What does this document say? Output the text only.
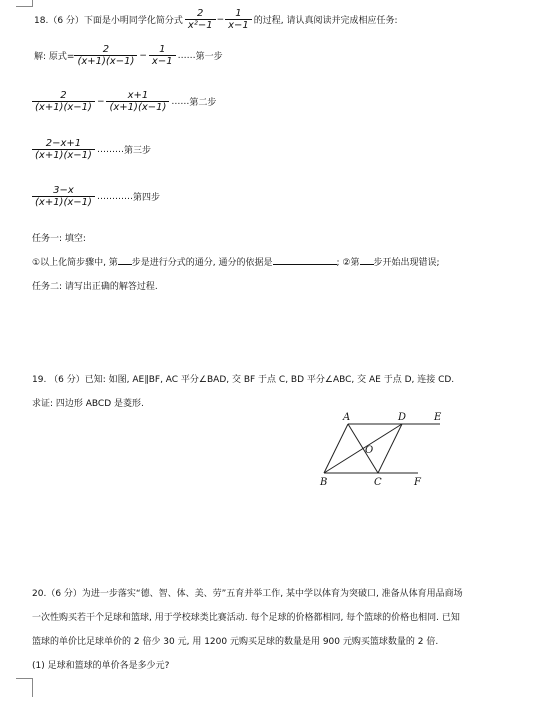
18.（6 分）下面是小明同学化简分式 $\frac{2}{\text{x²−1}} - \frac{1}{x-1}$ 的过程, 请认真阅读并完成相应任务:
解: 原式= $\frac{2}{(x+1)(x-1)} - \frac{1}{x-1}$ …… 第一步
$\frac{2}{(x+1)(x-1)} - \frac{x+1}{(x+1)(x-1)}$ …… 第二步
$\frac{2-x+1}{(x+1)(x-1)}$ ……… 第三步
$\frac{3-x}{(x+1)(x-1)}$ ………… 第四步
任务一: 填空:
①以上化简步骤中, 第 步是进行分式的通分, 通分的依据是	; ②第 步开始出现错误;
任务二: 请写出正确的解答过程.
19. （6 分）已知: 如图, AE∥BF, AC 平分∠BAD, 交 BF 于点 C, BD 平分∠ABC, 交 AE 于点 D, 连接 CD.
求证: 四边形 ABCD 是菱形.
A	D	E
O
B	C	F
20.（6 分）为进一步落实“德、智、体、美、劳”五育并举工作, 某中学以体育为突破口, 准备从体育用品商场
一次性购买若干个足球和篮球, 用于学校球类比赛活动. 每个足球的价格都相同, 每个篮球的价格也相同. 已知
篮球的单价比足球单价的 2 倍少 30 元, 用 1200 元购买足球的数量是用 900 元购买篮球数量的 2 倍.
(1) 足球和篮球的单价各是多少元?
